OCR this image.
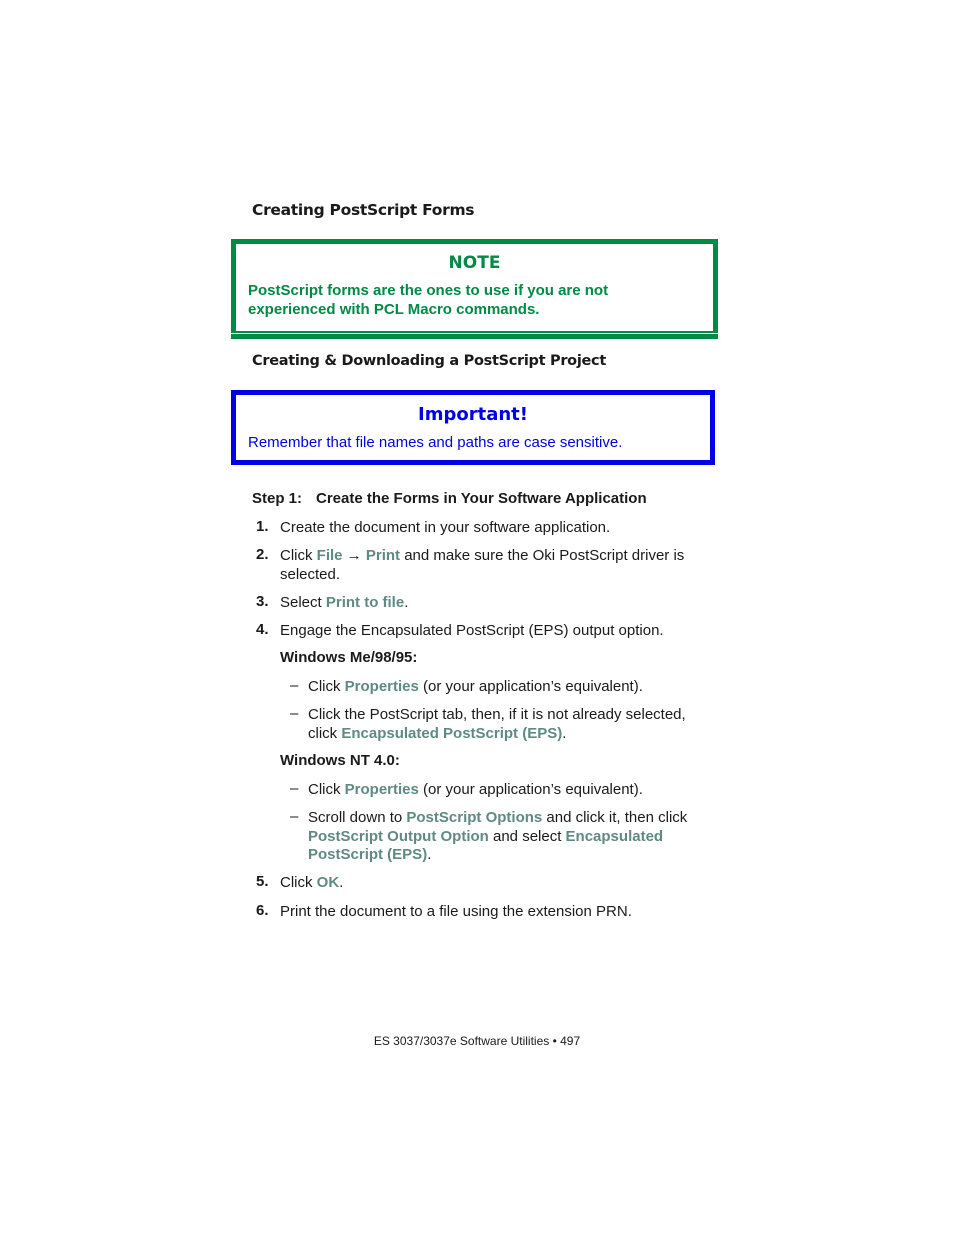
Creating PostScript Forms
NOTE
PostScript forms are the ones to use if you are not experienced with PCL Macro commands.
Creating & Downloading a PostScript Project
Important!
Remember that file names and paths are case sensitive.
Step 1: Create the Forms in Your Software Application
1. Create the document in your software application.
2. Click File → Print and make sure the Oki PostScript driver is
selected.
3. Select Print to file.
4. Engage the Encapsulated PostScript (EPS) output option.
Windows Me/98/95:
– Click Properties (or your application’s equivalent).
– Click the PostScript tab, then, if it is not already selected,
click Encapsulated PostScript (EPS).
Windows NT 4.0:
– Click Properties (or your application’s equivalent).
– Scroll down to PostScript Options and click it, then click
PostScript Output Option and select Encapsulated
PostScript (EPS).
5. Click OK.
6. Print the document to a file using the extension PRN.
ES 3037/3037e Software Utilities • 497
